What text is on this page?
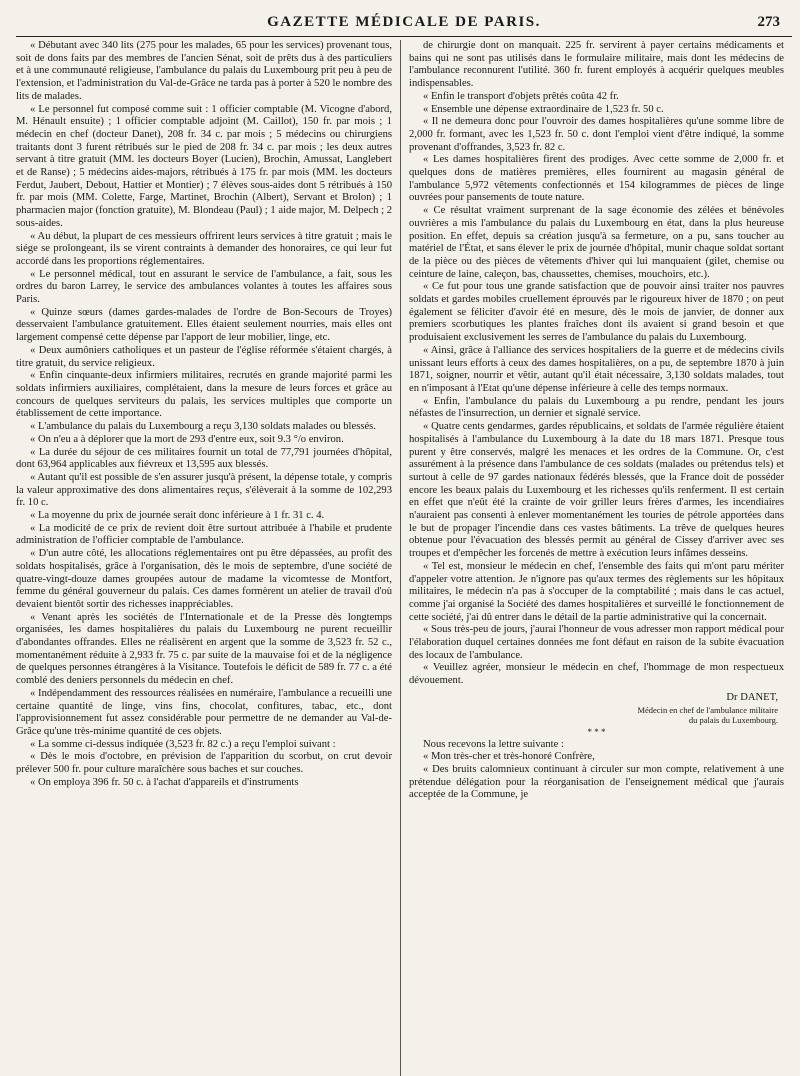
GAZETTE MÉDICALE DE PARIS.	273

« Débutant avec 340 lits (275 pour les malades, 65 pour les services) provenant tous, soit de dons faits par des membres de l'ancien Sénat, soit de prêts dus à des particuliers et à une communauté religieuse, l'ambulance du palais du Luxembourg prit peu à peu de l'extension, et l'administration du Val-de-Grâce ne tarda pas à porter à 520 le nombre des lits de malades.

« Le personnel fut composé comme suit : 1 officier comptable (M. Vicogne d'abord, M. Hénault ensuite) ; 1 officier comptable adjoint (M. Caillot), 150 fr. par mois ; 1 médecin en chef (docteur Danet), 208 fr. 34 c. par mois ; 5 médecins ou chirurgiens traitants dont 3 furent rétribués sur le pied de 208 fr. 34 c. par mois ; les deux autres servant à titre gratuit (MM. les docteurs Boyer (Lucien), Brochin, Amussat, Langlebert et de Ranse) ; 5 médecins aides-majors, rétribués à 175 fr. par mois (MM. les docteurs Ferdut, Jaubert, Debout, Hattier et Montier) ; 7 élèves sous-aides dont 5 rétribués à 150 fr. par mois (MM. Colette, Farge, Martinet, Brochin (Albert), Servant et Brolon) ; 1 pharmacien major (fonction gratuite), M. Blondeau (Paul) ; 1 aide major, M. Delpech ; 2 sous-aides.

« Au début, la plupart de ces messieurs offrirent leurs services à titre gratuit ; mais le siége se prolongeant, ils se virent contraints à demander des honoraires, ce qui leur fut accordé dans les proportions réglementaires.

« Le personnel médical, tout en assurant le service de l'ambulance, a fait, sous les ordres du baron Larrey, le service des ambulances volantes à toutes les affaires sous Paris.

« Quinze sœurs (dames gardes-malades de l'ordre de Bon-Secours de Troyes) desservaient l'ambulance gratuitement. Elles étaient seulement nourries, mais elles ont largement compensé cette dépense par l'apport de leur mobilier, linge, etc.

« Deux aumôniers catholiques et un pasteur de l'église réformée s'étaient chargés, à titre gratuit, du service religieux.

« Enfin cinquante-deux infirmiers militaires, recrutés en grande majorité parmi les soldats infirmiers auxiliaires, complétaient, dans la mesure de leurs forces et grâce au concours de quelques serviteurs du palais, les services multiples que comporte un établissement de cette importance.

« L'ambulance du palais du Luxembourg a reçu 3,130 soldats malades ou blessés.

« On n'eu a à déplorer que la mort de 293 d'entre eux, soit 9.3 °/o environ.

« La durée du séjour de ces militaires fournit un total de 77,791 journées d'hôpital, dont 63,964 applicables aux fiévreux et 13,595 aux blessés.

« Autant qu'il est possible de s'en assurer jusqu'à présent, la dépense totale, y compris la valeur approximative des dons alimentaires reçus, s'élèverait à la somme de 102,293 fr. 10 c.

« La moyenne du prix de journée serait donc inférieure à 1 fr. 31 c. 4.

« La modicité de ce prix de revient doit être surtout attribuée à l'habile et prudente administration de l'officier comptable de l'ambulance.

« D'un autre côté, les allocations réglementaires ont pu être dépassées, au profit des soldats hospitalisés, grâce à l'organisation, dès le mois de septembre, d'une société de quatre-vingt-douze dames groupées autour de madame la vicomtesse de Montfort, femme du général gouverneur du palais. Ces dames formèrent un atelier de travail d'où devaient bientôt sortir des richesses inappréciables.

« Venant après les sociétés de l'Internationale et de la Presse dès longtemps organisées, les dames hospitalières du palais du Luxembourg ne purent recueillir d'abondantes offrandes. Elles ne réalisèrent en argent que la somme de 3,523 fr. 52 c., momentanément réduite à 2,933 fr. 75 c. par suite de la mauvaise foi et de la négligence de quelques personnes étrangères à la Visitance. Toutefois le déficit de 589 fr. 77 c. a été comblé des deniers personnels du médecin en chef.

« Indépendamment des ressources réalisées en numéraire, l'ambulance a recueilli une certaine quantité de linge, vins fins, chocolat, confitures, tabac, etc., dont l'approvisionnement fut assez considérable pour permettre de ne demander au Val-de-Grâce qu'une très-minime quantité de ces objets.

« La somme ci-dessus indiquée (3,523 fr. 82 c.) a reçu l'emploi suivant :

« Dès le mois d'octobre, en prévision de l'apparition du scorbut, on crut devoir prélever 500 fr. pour culture maraîchère sous baches et sur couches.

« On employa 396 fr. 50 c. à l'achat d'appareils et d'instruments

de chirurgie dont on manquait. 225 fr. servirent à payer certains médicaments et bains qui ne sont pas utilisés dans le formulaire militaire, mais dont les médecins de l'ambulance reconnurent l'utilité. 360 fr. furent employés à acquérir quelques meubles indispensables.

« Enfin le transport d'objets prêtés coûta 42 fr.

« Ensemble une dépense extraordinaire de 1,523 fr. 50 c.

« Il ne demeura donc pour l'ouvroir des dames hospitalières qu'une somme libre de 2,000 fr. formant, avec les 1,523 fr. 50 c. dont l'emploi vient d'être indiqué, la somme provenant d'offrandes, 3,523 fr. 82 c.

« Les dames hospitalières firent des prodiges. Avec cette somme de 2,000 fr. et quelques dons de matières premières, elles fournirent au magasin général de l'ambulance 5,972 vêtements confectionnés et 154 kilogrammes de pièces de linge ouvrées pour pansements de toute nature.

« Ce résultat vraiment surprenant de la sage économie des zélées et bénévoles ouvrières a mis l'ambulance du palais du Luxembourg en état, dans la plus heureuse position. En effet, depuis sa création jusqu'à sa fermeture, on a pu, sans toucher au matériel de l'État, et sans élever le prix de journée d'hôpital, munir chaque soldat sortant de la pièce ou des pièces de vêtements d'hiver qui lui manquaient (gilet, chemise ou ceinture de laine, caleçon, bas, chaussettes, chemises, mouchoirs, etc.).

« Ce fut pour tous une grande satisfaction que de pouvoir ainsi traiter nos pauvres soldats et gardes mobiles cruellement éprouvés par le rigoureux hiver de 1870 ; on peut également se féliciter d'avoir été en mesure, dès le mois de janvier, de donner aux premiers scorbutiques les plantes fraîches dont ils avaient si grand besoin et que produisaient exclusivement les serres de l'ambulance du palais du Luxembourg.

« Ainsi, grâce à l'alliance des services hospitaliers de la guerre et de médecins civils unissant leurs efforts à ceux des dames hospitalières, on a pu, de septembre 1870 à juin 1871, soigner, nourrir et vêtir, autant qu'il était nécessaire, 3,130 soldats malades, tout en n'imposant à l'Etat qu'une dépense inférieure à celle des temps normaux.

« Enfin, l'ambulance du palais du Luxembourg a pu rendre, pendant les jours néfastes de l'insurrection, un dernier et signalé service.

« Quatre cents gendarmes, gardes républicains, et soldats de l'armée régulière étaient hospitalisés à l'ambulance du Luxembourg à la date du 18 mars 1871. Presque tous purent y être conservés, malgré les menaces et les ordres de la Commune. Or, c'est assurément à la présence dans l'ambulance de ces soldats (malades ou prétendus tels) et surtout à celle de 97 gardes nationaux fédérés blessés, que la France doit de posséder encore les beaux palais du Luxembourg et les richesses qu'ils renferment. Il est certain en effet que n'eût été la crainte de voir griller leurs frères d'armes, les incendiaires n'auraient pas consenti à enlever momentanément les touries de pétrole apportées dans le but de propager l'incendie dans ces vastes bâtiments. La trêve de quelques heures obtenue pour l'évacuation des blessés permit au général de Cissey d'arriver avec ses troupes et d'empêcher les forcenés de mettre à exécution leurs infâmes desseins.

« Tel est, monsieur le médecin en chef, l'ensemble des faits qui m'ont paru mériter d'appeler votre attention. Je n'ignore pas qu'aux termes des règlements sur les hôpitaux militaires, le médecin n'a pas à s'occuper de la comptabilité ; mais dans le cas actuel, comme j'ai organisé la Société des dames hospitalières et surveillé le fonctionnement de cette société, j'ai dû entrer dans le détail de la partie administrative qui la concernait.

« Sous très-peu de jours, j'aurai l'honneur de vous adresser mon rapport médical pour l'élaboration duquel certaines données me font défaut en raison de la subite évacuation des locaux de l'ambulance.

« Veuillez agréer, monsieur le médecin en chef, l'hommage de mon respectueux dévouement.

Dr DANET,
Médecin en chef de l'ambulance militaire
du palais du Luxembourg.
* * *

Nous recevons la lettre suivante :

« Mon très-cher et très-honoré Confrère,

« Des bruits calomnieux continuant à circuler sur mon compte, relativement à une prétendue délégation pour la réorganisation de l'enseignement médical que j'aurais acceptée de la Commune, je
